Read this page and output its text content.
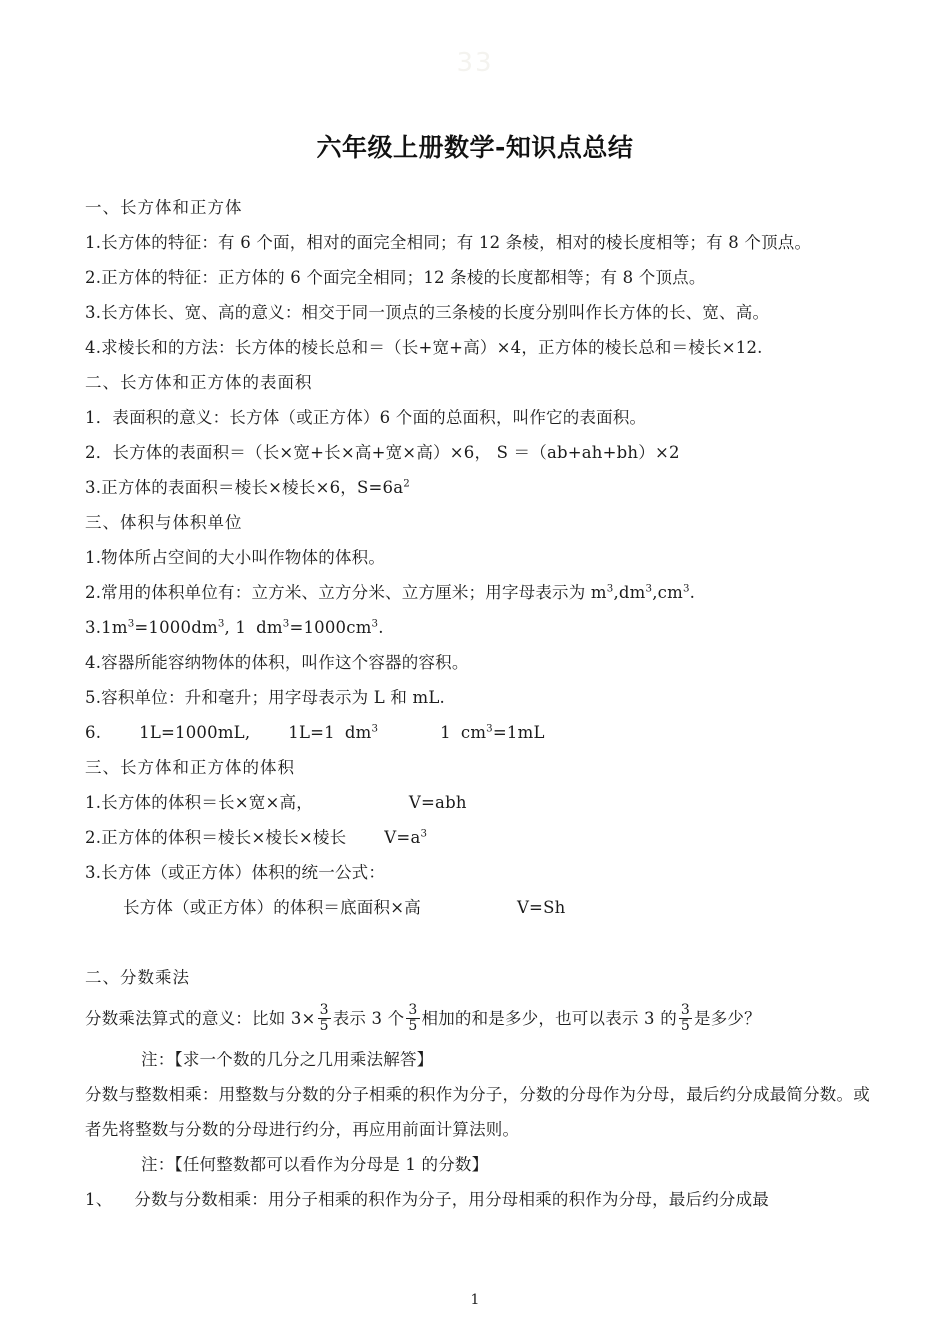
33
六年级上册数学-知识点总结
一、长方体和正方体
1.长方体的特征：有 6 个面，相对的面完全相同；有 12 条棱，相对的棱长度相等；有 8 个顶点。
2.正方体的特征：正方体的 6 个面完全相同；12 条棱的长度都相等；有 8 个顶点。
3.长方体长、宽、高的意义：相交于同一顶点的三条棱的长度分别叫作长方体的长、宽、高。
4.求棱长和的方法：长方体的棱长总和＝（长+宽+高）×4，正方体的棱长总和＝棱长×12.
二、长方体和正方体的表面积
1．表面积的意义：长方体（或正方体）6 个面的总面积，叫作它的表面积。
2．长方体的表面积＝（长×宽+长×高+宽×高）×6， S ＝（ab+ah+bh）×2
3.正方体的表面积＝棱长×棱长×6，$S=6a^2$
三、体积与体积单位
1.物体所占空间的大小叫作物体的体积。
2.常用的体积单位有：立方米、立方分米、立方厘米；用字母表示为 $m^3,dm^3,cm^3$.
$3.1m^3=1000dm^3$, 1 $dm^3=1000cm^3$.
4.容器所能容纳物体的体积，叫作这个容器的容积。
5.容积单位：升和毫升；用字母表示为 L 和 mL.
6. 1L=1000mL, 1L=1 $dm^3$	1 $cm^3=1mL$
三、长方体和正方体的体积
1.长方体的体积＝长×宽×高，	V=abh
2.正方体的体积＝棱长×棱长×棱长 $V=a^3$
3.长方体（或正方体）体积的统一公式：
长方体（或正方体）的体积＝底面积×高	V=Sh
二、分数乘法
分数乘法算式的意义：比如 $3\times \frac{3}{5}$ 表示 3 个 $\frac{3}{5}$ 相加的和是多少，也可以表示 3 的 $\frac{3}{5}$ 是多少？
注：【求一个数的几分之几用乘法解答】
分数与整数相乘：用整数与分数的分子相乘的积作为分子，分数的分母作为分母，最后约分成最简分数。或者先将整数与分数的分母进行约分，再应用前面计算法则。
注：【任何整数都可以看作为分母是 1 的分数】
1、 分数与分数相乘：用分子相乘的积作为分子，用分母相乘的积作为分母，最后约分成最
1
